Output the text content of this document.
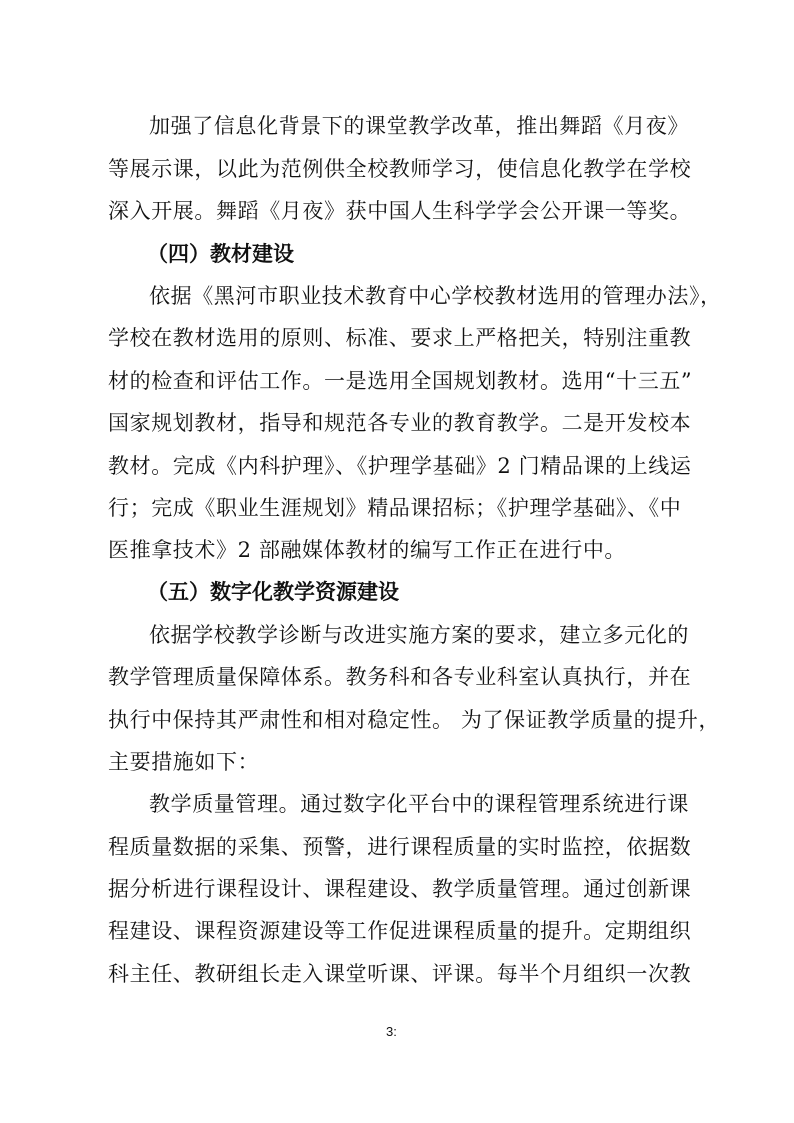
加强了信息化背景下的课堂教学改革，推出舞蹈《月夜》
等展示课，以此为范例供全校教师学习，使信息化教学在学校
深入开展。舞蹈《月夜》获中国人生科学学会公开课一等奖。
（四）教材建设
依据《黑河市职业技术教育中心学校教材选用的管理办法》，
学校在教材选用的原则、标准、要求上严格把关，特别注重教
材的检查和评估工作。一是选用全国规划教材。选用“十三五”
国家规划教材，指导和规范各专业的教育教学。二是开发校本
教材。完成《内科护理》、《护理学基础》2 门精品课的上线运
行；完成《职业生涯规划》精品课招标；《护理学基础》、《中
医推拿技术》2 部融媒体教材的编写工作正在进行中。
（五）数字化教学资源建设
依据学校教学诊断与改进实施方案的要求，建立多元化的
教学管理质量保障体系。教务科和各专业科室认真执行，并在
执行中保持其严肃性和相对稳定性。 为了保证教学质量的提升，
主要措施如下：
教学质量管理。通过数字化平台中的课程管理系统进行课
程质量数据的采集、预警，进行课程质量的实时监控，依据数
据分析进行课程设计、课程建设、教学质量管理。通过创新课
程建设、课程资源建设等工作促进课程质量的提升。定期组织
科主任、教研组长走入课堂听课、评课。每半个月组织一次教
3:
